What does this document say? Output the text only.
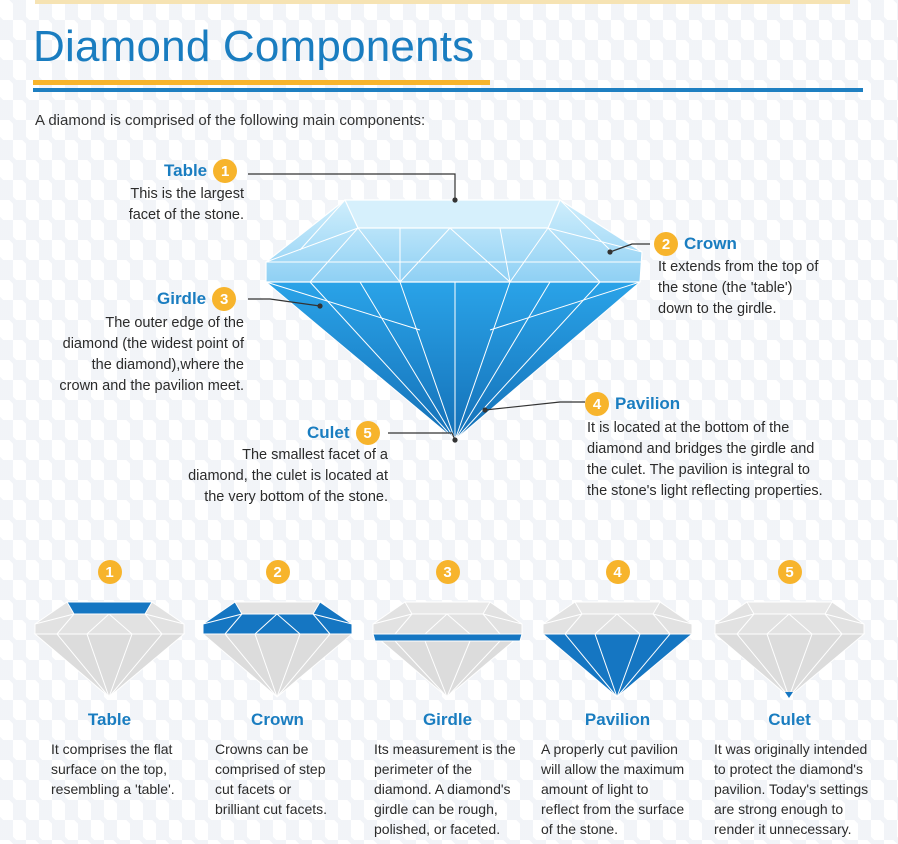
Diamond Components
A diamond is comprised of the following main components:
Table 1
This is the largest
facet of the stone.
2 Crown
It extends from the top of
the stone (the 'table')
down to the girdle.
Girdle 3
The outer edge of the
diamond (the widest point of
the diamond),where the
crown and the pavilion meet.
4 Pavilion
It is located at the bottom of the
diamond and bridges the girdle and
the culet. The pavilion is integral to
the stone's light reflecting properties.
Culet 5
The smallest facet of a
diamond, the culet is located at
the very bottom of the stone.
1
Table
It comprises the flat
surface on the top,
resembling a 'table'.
2
Crown
Crowns can be
comprised of step
cut facets or
brilliant cut facets.
3
Girdle
Its measurement is the
perimeter of the
diamond. A diamond's
girdle can be rough,
polished, or faceted.
4
Pavilion
A properly cut pavilion
will allow the maximum
amount of light to
reflect from the surface
of the stone.
5
Culet
It was originally intended
to protect the diamond's
pavilion. Today's settings
are strong enough to
render it unnecessary.
